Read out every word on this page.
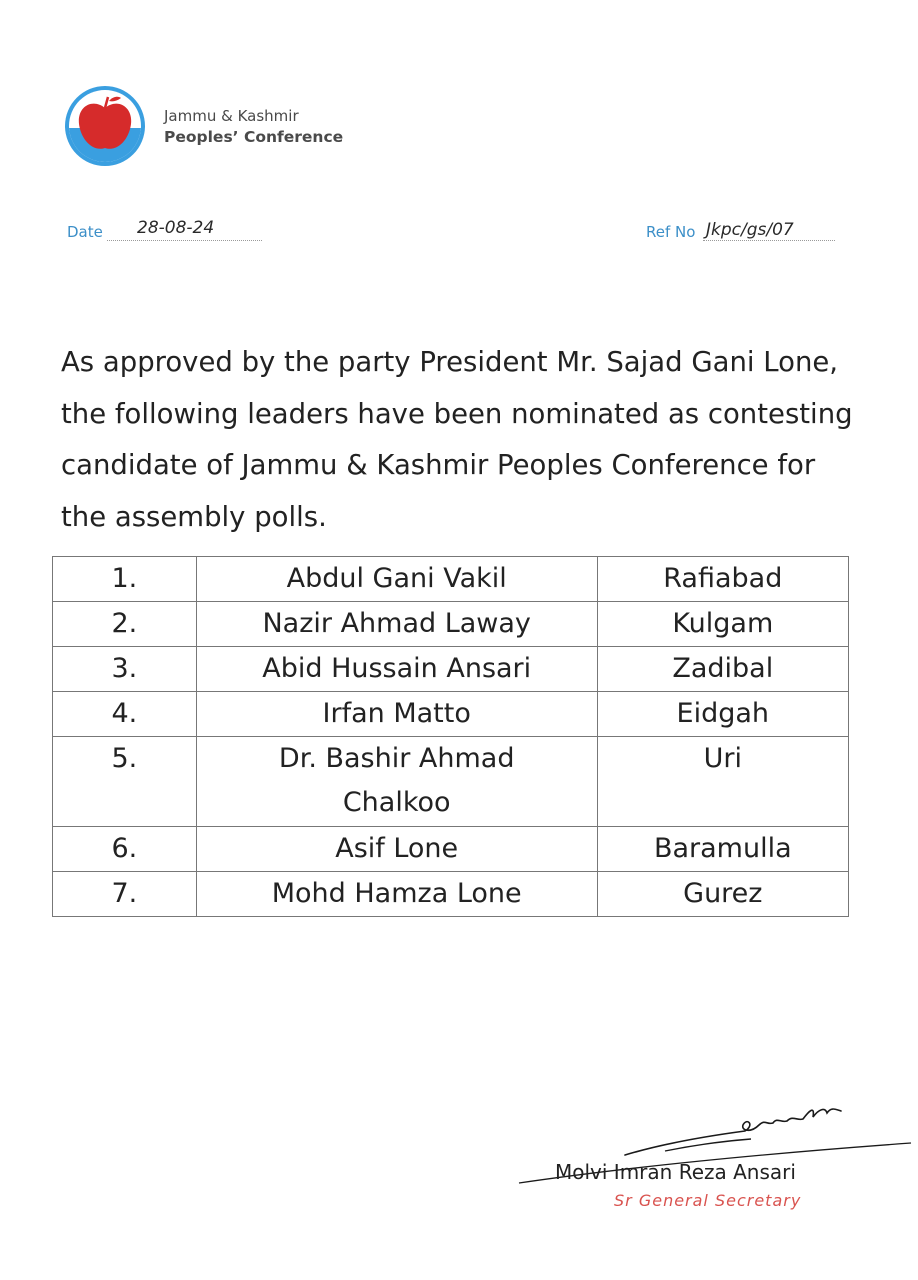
Jammu & Kashmir
Peoples’ Conference
Date 28-08-24	Ref No Jkpc/gs/07

As approved by the party President Mr. Sajad Gani Lone, the following leaders have been nominated as contesting candidate of Jammu & Kashmir Peoples Conference for the assembly polls.

1.	Abdul Gani Vakil	Rafiabad
2.	Nazir Ahmad Laway	Kulgam
3.	Abid Hussain Ansari	Zadibal
4.	Irfan Matto	Eidgah
5.	Dr. Bashir Ahmad Chalkoo	Uri
6.	Asif Lone	Baramulla
7.	Mohd Hamza Lone	Gurez
Molvi Imran Reza Ansari
Sr General Secretary
